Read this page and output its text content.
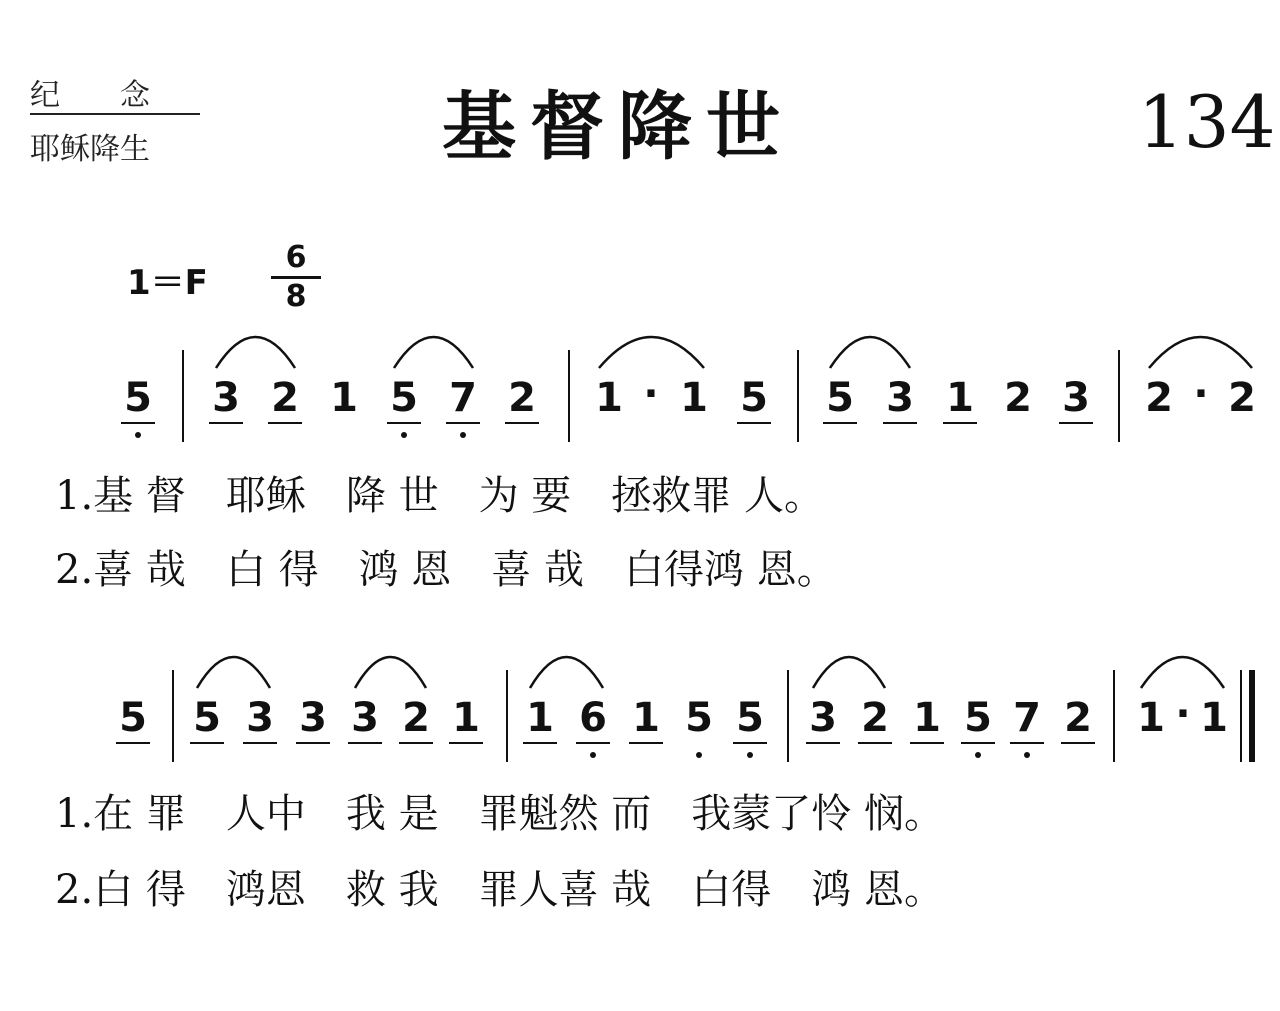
纪　　念
耶稣降生	基督降世	134
1＝F
6
8
5 3 2 1 5 7 2 1 1 5 5 3 1 2 3 2 2
·	·
5 5 3 3 3 2 1 1 6 1 5 5 3 2 1 5 7 2 1 1
·
1.基 督　耶稣　降 世　为 要　拯救罪 人。
2.喜 哉　白 得　鸿 恩　喜 哉　白得鸿 恩。
1.在 罪　人中　我 是　罪魁然 而　我蒙了怜 悯。
2.白 得　鸿恩　救 我　罪人喜 哉　白得　鸿 恩。
